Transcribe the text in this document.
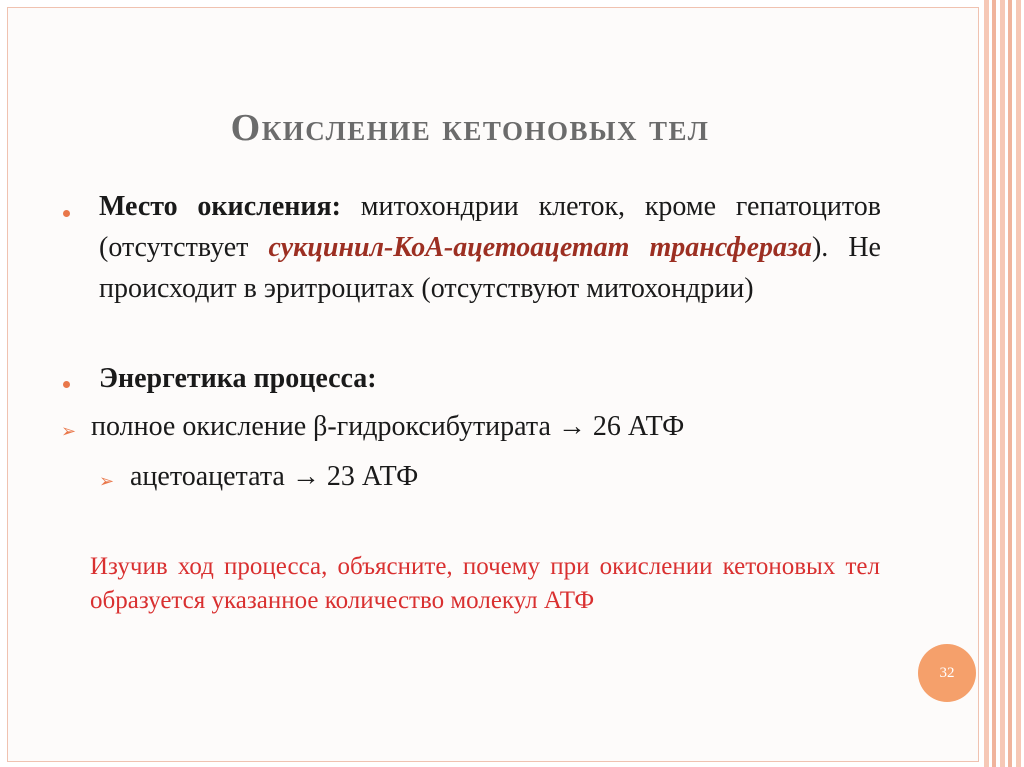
Окисление кетоновых тел
Место окисления: митохондрии клеток, кроме гепатоцитов (отсутствует сукцинил-КоА-ацетоацетат трансфераза). Не происходит в эритроцитах (отсутствуют митохондрии)
Энергетика процесса:
➢ полное окисление β-гидроксибутирата → 26 АТФ
➢ ацетоацетата → 23 АТФ
Изучив ход процесса, объясните, почему при окислении кетоновых тел образуется указанное количество молекул АТФ
32
